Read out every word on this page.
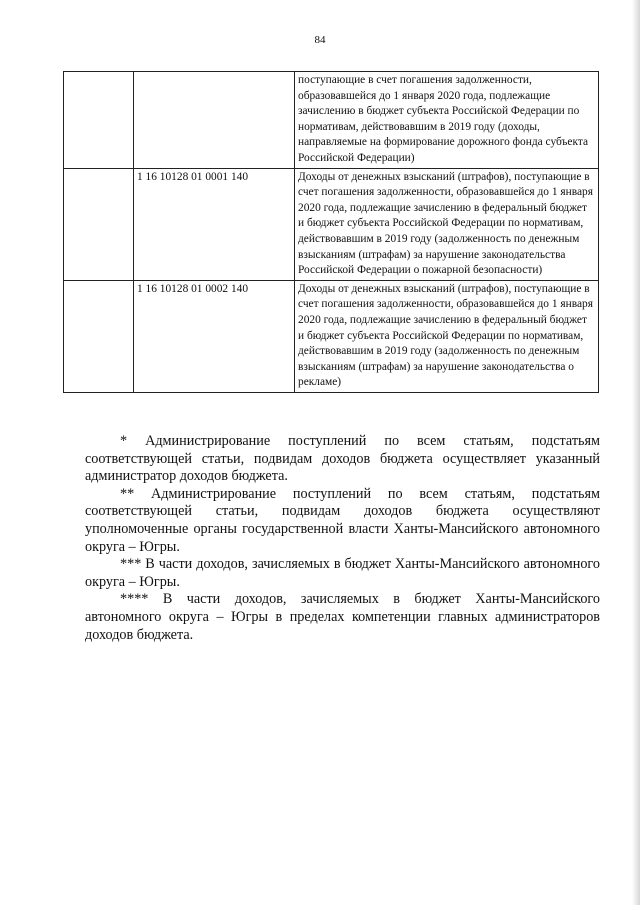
84
		поступающие в счет погашения задолженности, образовавшейся до 1 января 2020 года, подлежащие зачислению в бюджет субъекта Российской Федерации по нормативам, действовавшим в 2019 году (доходы, направляемые на формирование дорожного фонда субъекта Российской Федерации)
	1 16 10128 01 0001 140	Доходы от денежных взысканий (штрафов), поступающие в счет погашения задолженности, образовавшейся до 1 января 2020 года, подлежащие зачислению в федеральный бюджет и бюджет субъекта Российской Федерации по нормативам, действовавшим в 2019 году (задолженность по денежным взысканиям (штрафам) за нарушение законодательства Российской Федерации о пожарной безопасности)
	1 16 10128 01 0002 140	Доходы от денежных взысканий (штрафов), поступающие в счет погашения задолженности, образовавшейся до 1 января 2020 года, подлежащие зачислению в федеральный бюджет и бюджет субъекта Российской Федерации по нормативам, действовавшим в 2019 году (задолженность по денежным взысканиям (штрафам) за нарушение законодательства о рекламе)

* Администрирование поступлений по всем статьям, подстатьям соответствующей статьи, подвидам доходов бюджета осуществляет указанный администратор доходов бюджета.

** Администрирование поступлений по всем статьям, подстатьям соответствующей статьи, подвидам доходов бюджета осуществляют уполномоченные органы государственной власти Ханты-Мансийского автономного округа – Югры.

*** В части доходов, зачисляемых в бюджет Ханты-Мансийского автономного округа – Югры.

**** В части доходов, зачисляемых в бюджет Ханты-Мансийского автономного округа – Югры в пределах компетенции главных администраторов доходов бюджета.
